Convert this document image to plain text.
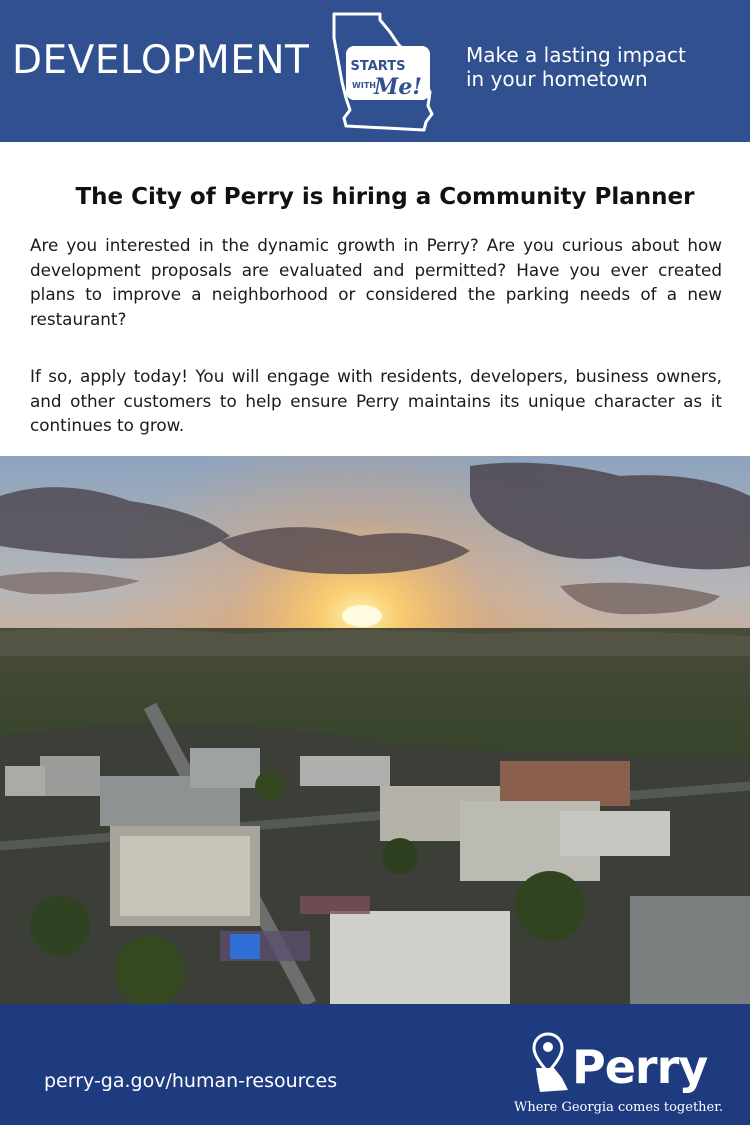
DEVELOPMENT	STARTS
WITH
Me!
Make a lasting impact
in your hometown
The City of Perry is hiring a Community Planner

Are you interested in the dynamic growth in Perry? Are you curious about how development proposals are evaluated and permitted? Have you ever created plans to improve a neighborhood or considered the parking needs of a new restaurant?

If so, apply today! You will engage with residents, developers, business owners, and other customers to help ensure Perry maintains its unique character as it continues to grow.

perry-ga.gov/human-resources	Perry
Where Georgia comes together.
